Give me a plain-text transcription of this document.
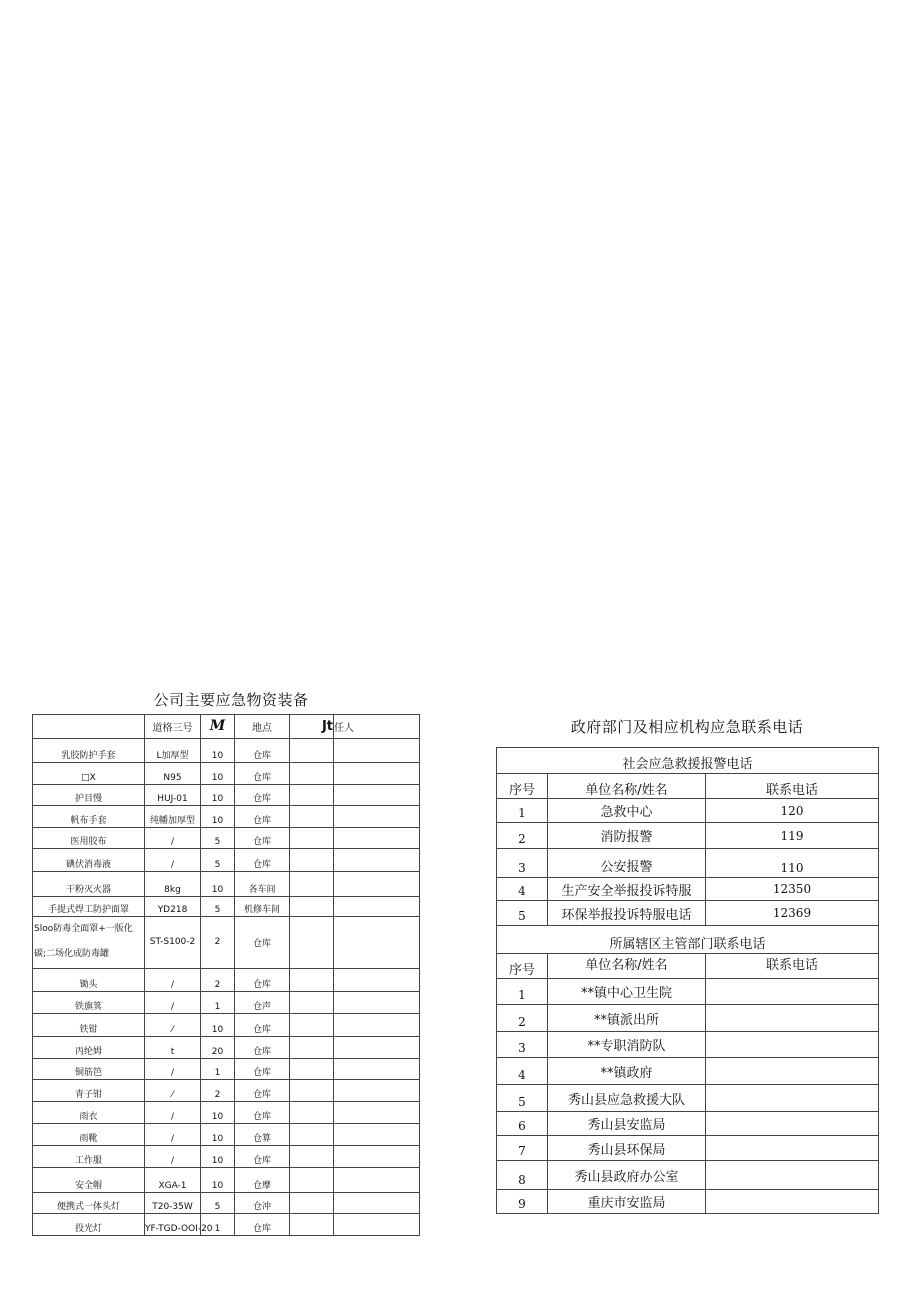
公司主要应急物资装备
	道格三号	M	地点	Jt	任人
乳胶防护手套	L加厚型	10	仓库		
□X	N95	10	仓库		
护目慢	HUJ-01	10	仓库		
帆布手套	纯幡加厚型	10	仓库		
医用胶布	/	5	仓库		
碘伏消毒液	/	5	仓库		
干粉灭火器	8kg	10	各车间		
手提式焊工防护面罩	YD218	5	机修车间		
Sloo防毒全面罩+一版化碳;二场化成防毒罐	ST-S100-2	2	仓库		
锄头	/	2	仓库		
铁旗箕	/	1	仓声		
铁钳	⁄	10	仓库		
丙纶姆	t	20	仓库		
铜筋笆	/	1	仓库		
青子钳	⁄	2	仓库		
雨衣	/	10	仓库		
雨靴	/	10	仓算		
工作服	/	10	仓库		
安全帽	XGA-1	10	仓摩		
便携式一体头灯	T20-35W	5	仓冲		
投光灯	YF-TGD-OOI-20	1	仓库		
政府部门及相应机构应急联系电话
社会应急救援报警电话		
序号	单位名称/姓名	联系电话
1	急救中心	120
2	消防报警	119
3	公安报警	110
4	生产安全举报投诉特服	12350
5	环保举报投诉特服电话	12369
所属辖区主管部门联系电话		
序号	单位名称/姓名	联系电话
1	**镇中心卫生院	
2	**镇派出所	
3	**专职消防队	
4	**镇政府	
5	秀山县应急救援大队	
6	秀山县安监局	
7	秀山县环保局	
8	秀山县政府办公室	
9	重庆市安监局	
